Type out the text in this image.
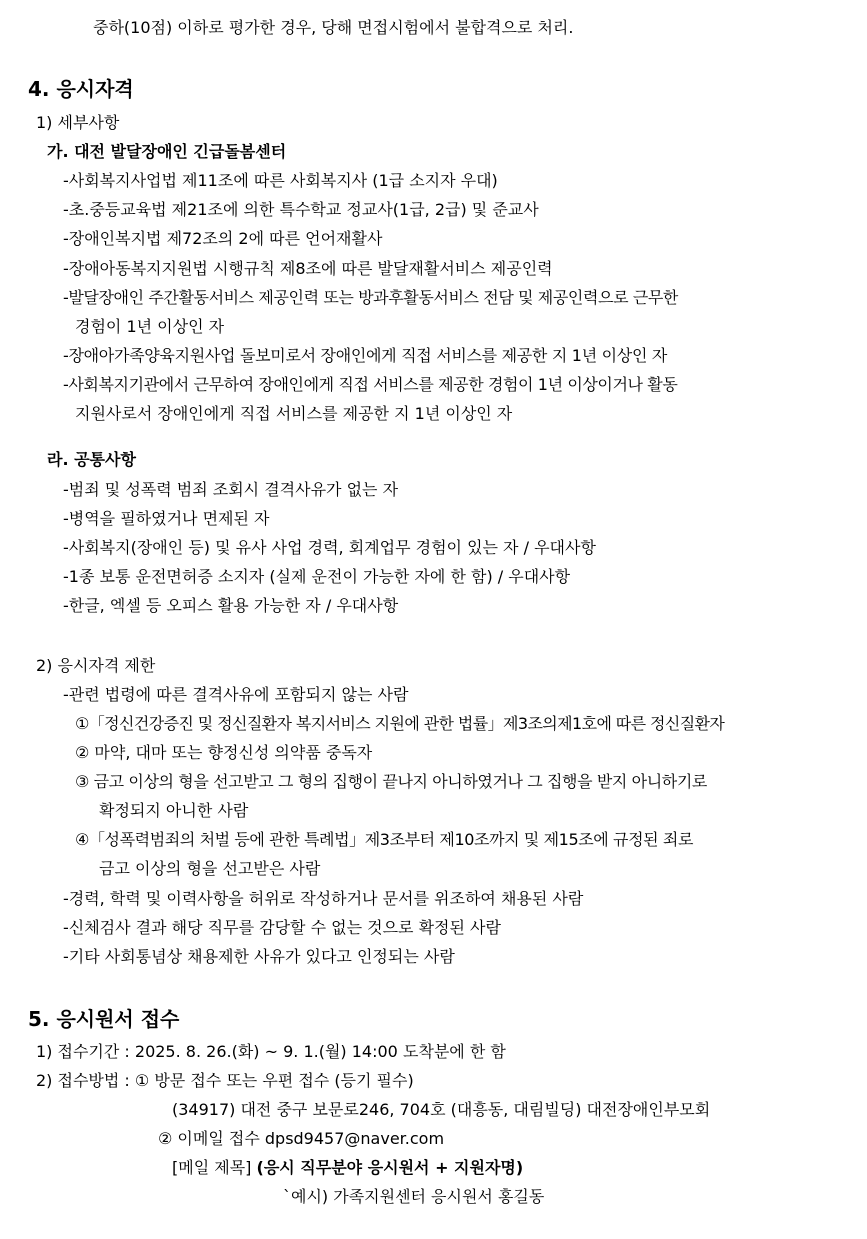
중하(10점) 이하로 평가한 경우, 당해 면접시험에서 불합격으로 처리.
4. 응시자격
1) 세부사항
가. 대전 발달장애인 긴급돌봄센터
-사회복지사업법 제11조에 따른 사회복지사 (1급 소지자 우대)
-초.중등교육법 제21조에 의한 특수학교 정교사(1급, 2급) 및 준교사
-장애인복지법 제72조의 2에 따른 언어재활사
-장애아동복지지원법 시행규칙 제8조에 따른 발달재활서비스 제공인력
-발달장애인 주간활동서비스 제공인력 또는 방과후활동서비스 전담 및 제공인력으로 근무한
경험이 1년 이상인 자
-장애아가족양육지원사업 돌보미로서 장애인에게 직접 서비스를 제공한 지 1년 이상인 자
-사회복지기관에서 근무하여 장애인에게 직접 서비스를 제공한 경험이 1년 이상이거나 활동
지원사로서 장애인에게 직접 서비스를 제공한 지 1년 이상인 자
라. 공통사항
-범죄 및 성폭력 범죄 조회시 결격사유가 없는 자
-병역을 필하였거나 면제된 자
-사회복지(장애인 등) 및 유사 사업 경력, 회계업무 경험이 있는 자 / 우대사항
-1종 보통 운전면허증 소지자 (실제 운전이 가능한 자에 한 함) / 우대사항
-한글, 엑셀 등 오피스 활용 가능한 자 / 우대사항
2) 응시자격 제한
-관련 법령에 따른 결격사유에 포함되지 않는 사람
①「정신건강증진 및 정신질환자 복지서비스 지원에 관한 법률」제3조의제1호에 따른 정신질환자
② 마약, 대마 또는 향정신성 의약품 중독자
③ 금고 이상의 형을 선고받고 그 형의 집행이 끝나지 아니하였거나 그 집행을 받지 아니하기로
확정되지 아니한 사람
④「성폭력범죄의 처벌 등에 관한 특례법」제3조부터 제10조까지 및 제15조에 규정된 죄로
금고 이상의 형을 선고받은 사람
-경력, 학력 및 이력사항을 허위로 작성하거나 문서를 위조하여 채용된 사람
-신체검사 결과 해당 직무를 감당할 수 없는 것으로 확정된 사람
-기타 사회통념상 채용제한 사유가 있다고 인정되는 사람
5. 응시원서 접수
1) 접수기간 : 2025. 8. 26.(화) ~ 9. 1.(월) 14:00 도착분에 한 함
2) 접수방법 : ① 방문 접수 또는 우편 접수 (등기 필수)
(34917) 대전 중구 보문로246, 704호 (대흥동, 대림빌딩) 대전장애인부모회
② 이메일 접수 dpsd9457@naver.com
[메일 제목] (응시 직무분야 응시원서 + 지원자명)
`예시) 가족지원센터 응시원서 홍길동
